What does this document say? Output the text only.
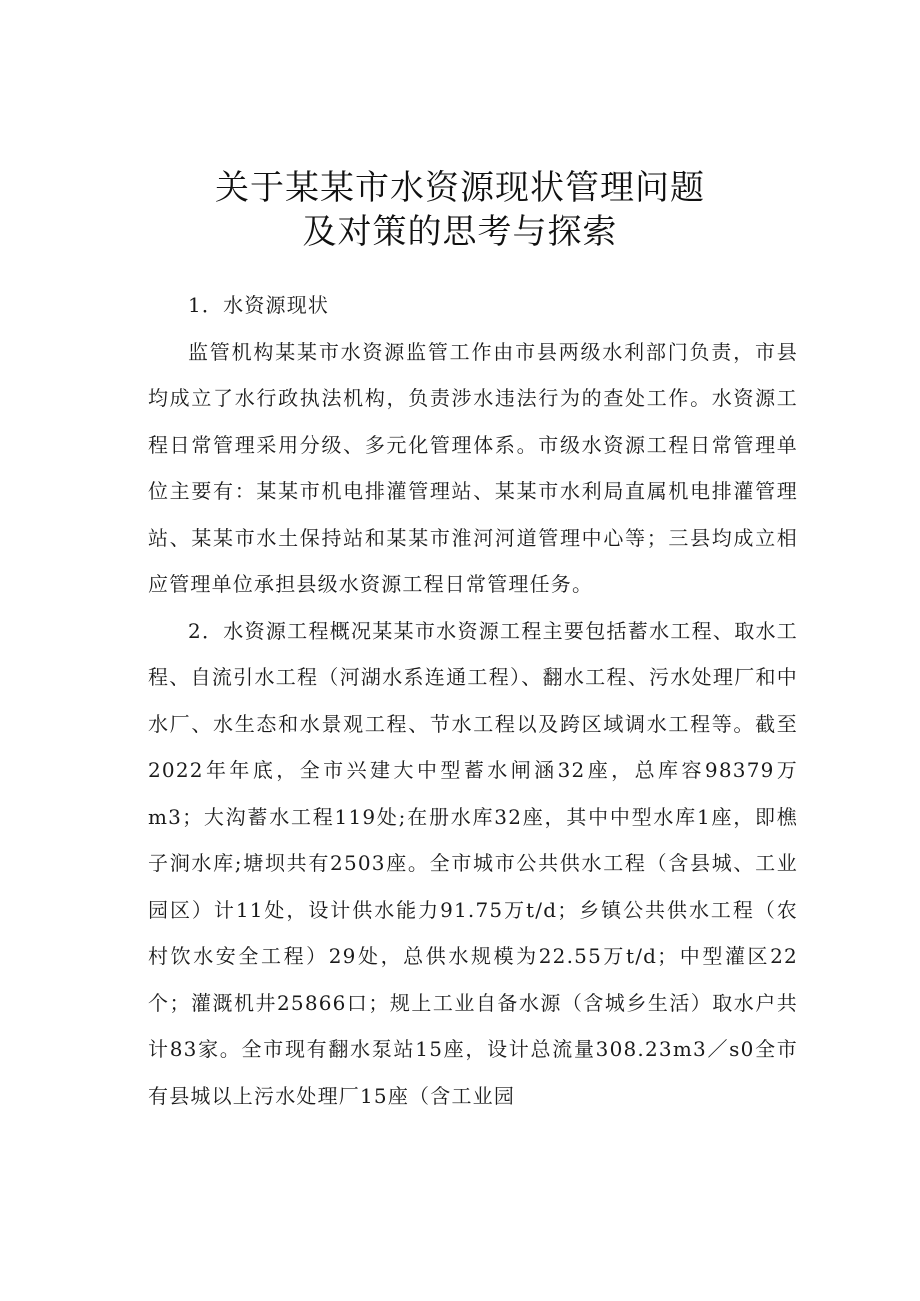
关于某某市水资源现状管理问题
及对策的思考与探索

1．水资源现状

监管机构某某市水资源监管工作由市县两级水利部门负责，市县均成立了水行政执法机构，负责涉水违法行为的查处工作。水资源工程日常管理采用分级、多元化管理体系。市级水资源工程日常管理单位主要有：某某市机电排灌管理站、某某市水利局直属机电排灌管理站、某某市水土保持站和某某市淮河河道管理中心等；三县均成立相应管理单位承担县级水资源工程日常管理任务。

2．水资源工程概况某某市水资源工程主要包括蓄水工程、取水工程、自流引水工程（河湖水系连通工程）、翻水工程、污水处理厂和中水厂、水生态和水景观工程、节水工程以及跨区域调水工程等。截至2022年年底，全市兴建大中型蓄水闸涵32座，总库容98379万m3；大沟蓄水工程119处;在册水库32座，其中中型水库1座，即樵子涧水库;塘坝共有2503座。全市城市公共供水工程（含县城、工业园区）计11处，设计供水能力91.75万t/d；乡镇公共供水工程（农村饮水安全工程）29处，总供水规模为22.55万t/d；中型灌区22个；灌溉机井25866口；规上工业自备水源（含城乡生活）取水户共计83家。全市现有翻水泵站15座，设计总流量308.23m3／s0全市有县城以上污水处理厂15座（含工业园
